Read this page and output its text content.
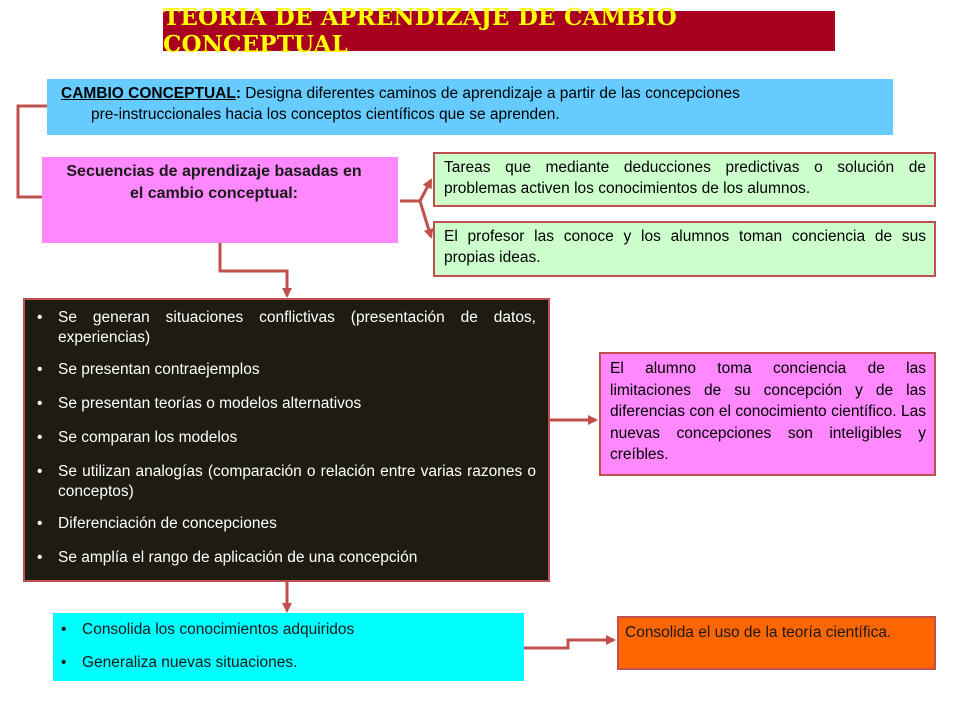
TEORIA DE APRENDIZAJE DE CAMBIO CONCEPTUAL
CAMBIO CONCEPTUAL: Designa diferentes caminos de aprendizaje a partir de las concepciones
pre-instruccionales hacia los conceptos científicos que se aprenden.
Secuencias de aprendizaje basadas en el cambio conceptual:
Tareas que mediante deducciones predictivas o solución de problemas activen los conocimientos de los alumnos.
El profesor las conoce y los alumnos toman conciencia de sus propias ideas.
• Se generan situaciones conflictivas (presentación de datos, experiencias)
• Se presentan contraejemplos
• Se presentan teorías o modelos alternativos
• Se comparan los modelos
• Se utilizan analogías (comparación o relación entre varias razones o conceptos)
• Diferenciación de concepciones
• Se amplía el rango de aplicación de una concepción
El alumno toma conciencia de las limitaciones de su concepción y de las diferencias con el conocimiento científico. Las nuevas concepciones son inteligibles y creíbles.
• Consolida los conocimientos adquiridos
• Generaliza nuevas situaciones.
Consolida el uso de la teoría científica.
